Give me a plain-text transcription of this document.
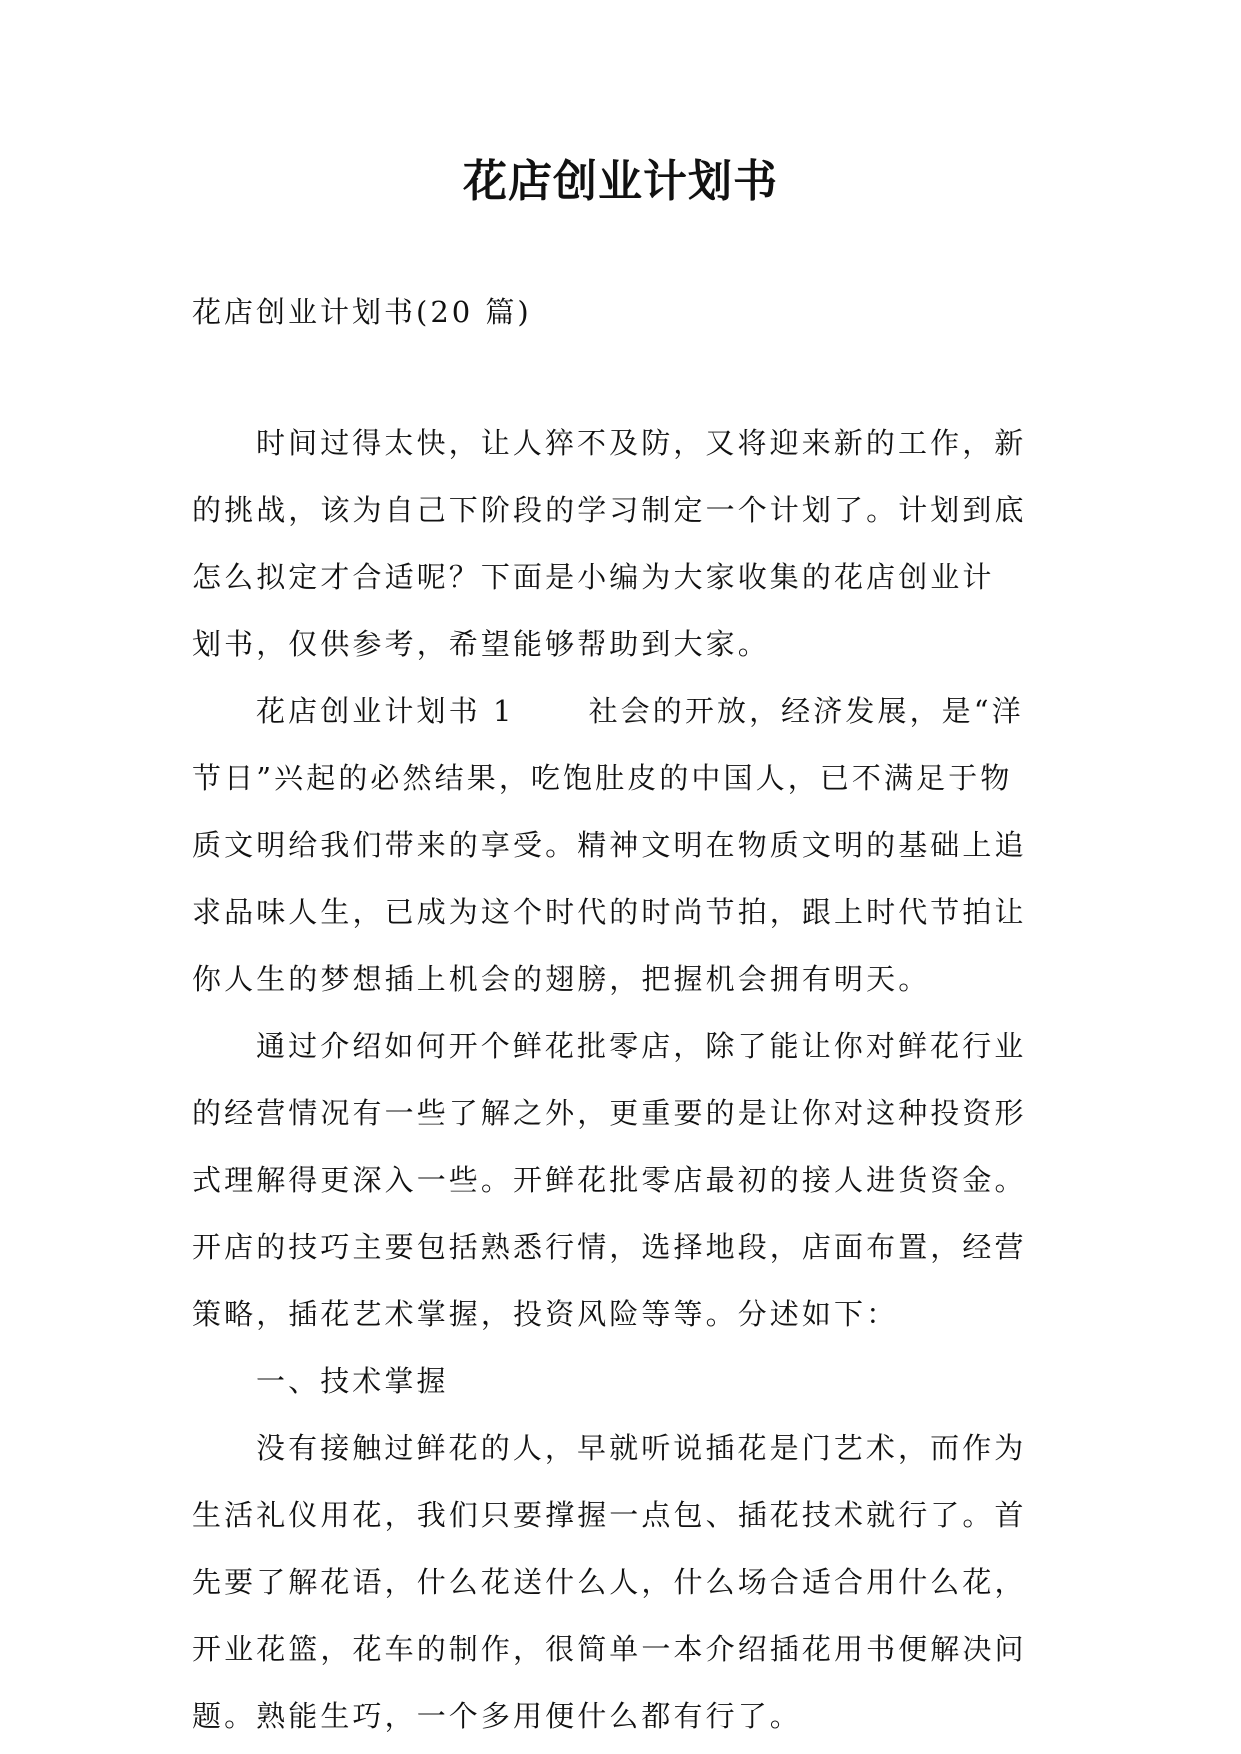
花店创业计划书
花店创业计划书(20 篇)
时间过得太快，让人猝不及防，又将迎来新的工作，新
的挑战，该为自己下阶段的学习制定一个计划了。计划到底
怎么拟定才合适呢？下面是小编为大家收集的花店创业计
划书，仅供参考，希望能够帮助到大家。
花店创业计划书 1	社会的开放，经济发展，是“洋
节日”兴起的必然结果，吃饱肚皮的中国人，已不满足于物
质文明给我们带来的享受。精神文明在物质文明的基础上追
求品味人生，已成为这个时代的时尚节拍，跟上时代节拍让
你人生的梦想插上机会的翅膀，把握机会拥有明天。
通过介绍如何开个鲜花批零店，除了能让你对鲜花行业
的经营情况有一些了解之外，更重要的是让你对这种投资形
式理解得更深入一些。开鲜花批零店最初的接人进货资金。
开店的技巧主要包括熟悉行情，选择地段，店面布置，经营
策略，插花艺术掌握，投资风险等等。分述如下：
一、技术掌握
没有接触过鲜花的人，早就听说插花是门艺术，而作为
生活礼仪用花，我们只要撑握一点包、插花技术就行了。首
先要了解花语，什么花送什么人，什么场合适合用什么花，
开业花篮，花车的制作，很简单一本介绍插花用书便解决问
题。熟能生巧，一个多用便什么都有行了。
